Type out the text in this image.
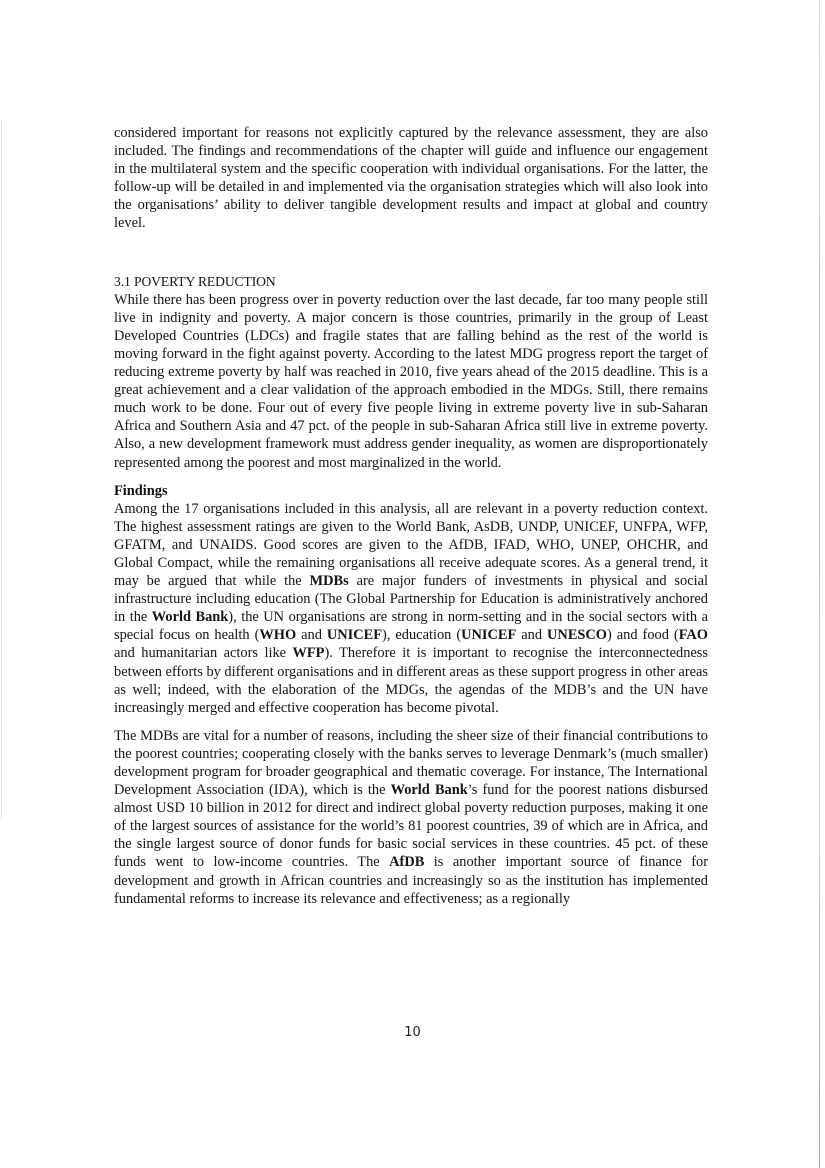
considered important for reasons not explicitly captured by the relevance assessment, they are also included. The findings and recommendations of the chapter will guide and influence our engagement in the multilateral system and the specific cooperation with individual organisations. For the latter, the follow-up will be detailed in and implemented via the organisation strategies which will also look into the organisations’ ability to deliver tangible development results and impact at global and country level.

3.1 POVERTY REDUCTION

While there has been progress over in poverty reduction over the last decade, far too many people still live in indignity and poverty. A major concern is those countries, primarily in the group of Least Developed Countries (LDCs) and fragile states that are falling behind as the rest of the world is moving forward in the fight against poverty. According to the latest MDG progress report the target of reducing extreme poverty by half was reached in 2010, five years ahead of the 2015 deadline. This is a great achievement and a clear validation of the approach embodied in the MDGs. Still, there remains much work to be done. Four out of every five people living in extreme poverty live in sub-Saharan Africa and Southern Asia and 47 pct. of the people in sub-Saharan Africa still live in extreme poverty. Also, a new development framework must address gender inequality, as women are disproportionately represented among the poorest and most marginalized in the world.

Findings

Among the 17 organisations included in this analysis, all are relevant in a poverty reduction context. The highest assessment ratings are given to the World Bank, AsDB, UNDP, UNICEF, UNFPA, WFP, GFATM, and UNAIDS. Good scores are given to the AfDB, IFAD, WHO, UNEP, OHCHR, and Global Compact, while the remaining organisations all receive adequate scores. As a general trend, it may be argued that while the MDBs are major funders of investments in physical and social infrastructure including education (The Global Partnership for Education is administratively anchored in the World Bank), the UN organisations are strong in norm-setting and in the social sectors with a special focus on health (WHO and UNICEF), education (UNICEF and UNESCO) and food (FAO and humanitarian actors like WFP). Therefore it is important to recognise the interconnectedness between efforts by different organisations and in different areas as these support progress in other areas as well; indeed, with the elaboration of the MDGs, the agendas of the MDB’s and the UN have increasingly merged and effective cooperation has become pivotal.

The MDBs are vital for a number of reasons, including the sheer size of their financial contributions to the poorest countries; cooperating closely with the banks serves to leverage Denmark’s (much smaller) development program for broader geographical and thematic coverage. For instance, The International Development Association (IDA), which is the World Bank’s fund for the poorest nations disbursed almost USD 10 billion in 2012 for direct and indirect global poverty reduction purposes, making it one of the largest sources of assistance for the world’s 81 poorest countries, 39 of which are in Africa, and the single largest source of donor funds for basic social services in these countries. 45 pct. of these funds went to low-income countries. The AfDB is another important source of finance for development and growth in African countries and increasingly so as the institution has implemented fundamental reforms to increase its relevance and effectiveness; as a regionally

10
